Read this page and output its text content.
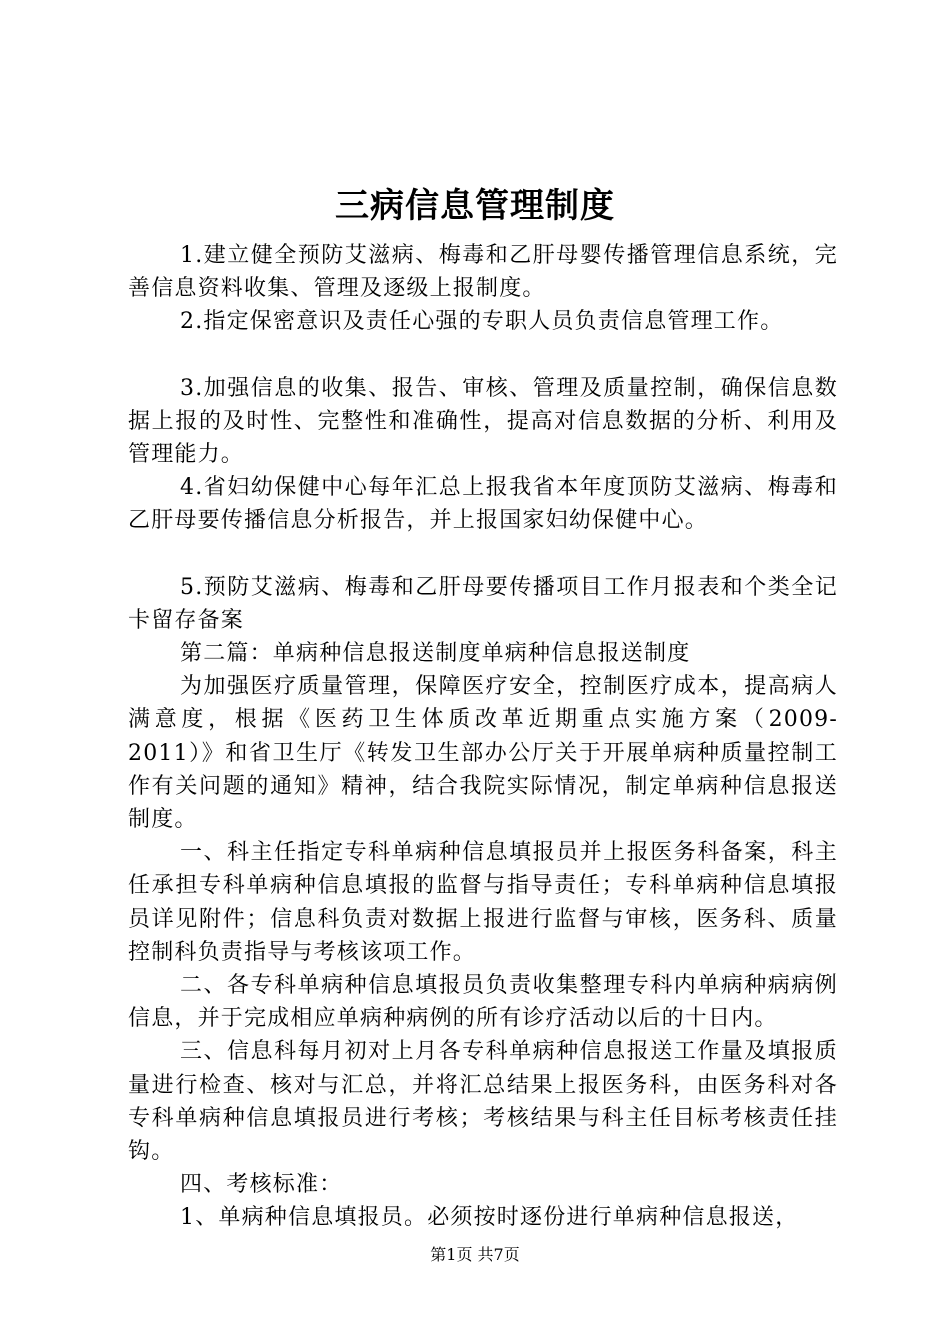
三病信息管理制度

1.建立健全预防艾滋病、梅毒和乙肝母婴传播管理信息系统，完善信息资料收集、管理及逐级上报制度。

2.指定保密意识及责任心强的专职人员负责信息管理工作。

3.加强信息的收集、报告、审核、管理及质量控制，确保信息数据上报的及时性、完整性和准确性，提高对信息数据的分析、利用及管理能力。

4.省妇幼保健中心每年汇总上报我省本年度顶防艾滋病、梅毒和乙肝母要传播信息分析报告，并上报国家妇幼保健中心。

5.预防艾滋病、梅毒和乙肝母要传播项目工作月报表和个类全记卡留存备案

第二篇：单病种信息报送制度单病种信息报送制度

为加强医疗质量管理，保障医疗安全，控制医疗成本，提高病人满意度，根据《医药卫生体质改革近期重点实施方案（2009-2011）》和省卫生厅《转发卫生部办公厅关于开展单病种质量控制工作有关问题的通知》精神，结合我院实际情况，制定单病种信息报送制度。

一、科主任指定专科单病种信息填报员并上报医务科备案，科主任承担专科单病种信息填报的监督与指导责任；专科单病种信息填报员详见附件；信息科负责对数据上报进行监督与审核，医务科、质量控制科负责指导与考核该项工作。

二、各专科单病种信息填报员负责收集整理专科内单病种病病例信息，并于完成相应单病种病例的所有诊疗活动以后的十日内。

三、信息科每月初对上月各专科单病种信息报送工作量及填报质量进行检查、核对与汇总，并将汇总结果上报医务科，由医务科对各专科单病种信息填报员进行考核；考核结果与科主任目标考核责任挂钩。

四、考核标准：

1、单病种信息填报员。必须按时逐份进行单病种信息报送，

第1页 共7页
